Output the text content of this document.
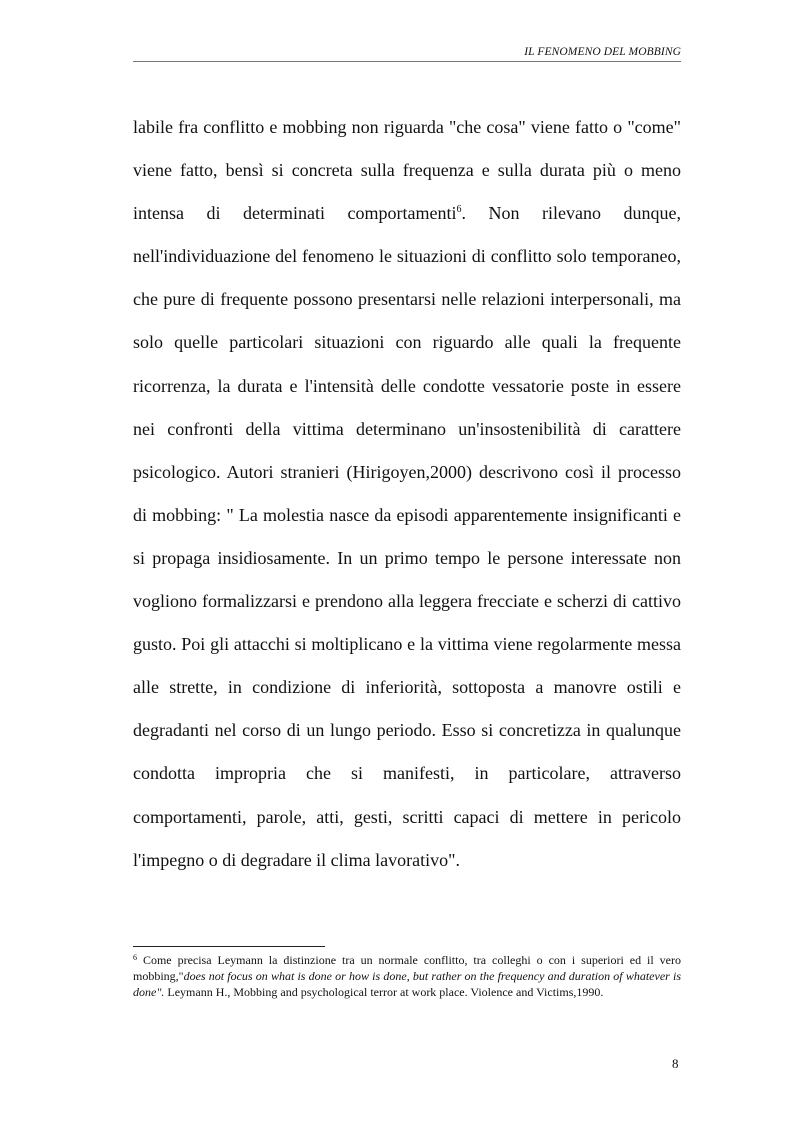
IL FENOMENO DEL MOBBING

labile fra conflitto e mobbing non riguarda "che cosa" viene fatto o "come" viene fatto, bensì si concreta sulla frequenza e sulla durata più o meno intensa di determinati comportamenti$^6$. Non rilevano dunque, nell'individuazione del fenomeno le situazioni di conflitto solo temporaneo, che pure di frequente possono presentarsi nelle relazioni interpersonali, ma solo quelle particolari situazioni con riguardo alle quali la frequente ricorrenza, la durata e l'intensità delle condotte vessatorie poste in essere nei confronti della vittima determinano un'insostenibilità di carattere psicologico. Autori stranieri (Hirigoyen,2000) descrivono così il processo di mobbing: " La molestia nasce da episodi apparentemente insignificanti e si propaga insidiosamente. In un primo tempo le persone interessate non vogliono formalizzarsi e prendono alla leggera frecciate e scherzi di cattivo gusto. Poi gli attacchi si moltiplicano e la vittima viene regolarmente messa alle strette, in condizione di inferiorità, sottoposta a manovre ostili e degradanti nel corso di un lungo periodo. Esso si concretizza in qualunque condotta impropria che si manifesti, in particolare, attraverso comportamenti, parole, atti, gesti, scritti capaci di mettere in pericolo l'impegno o di degradare il clima lavorativo".

$^6$ Come precisa Leymann la distinzione tra un normale conflitto, tra colleghi o con i superiori ed il vero mobbing,"does not focus on what is done or how is done, but rather on the frequency and duration of whatever is done". Leymann H., Mobbing and psychological terror at work place. Violence and Victims,1990.

8
